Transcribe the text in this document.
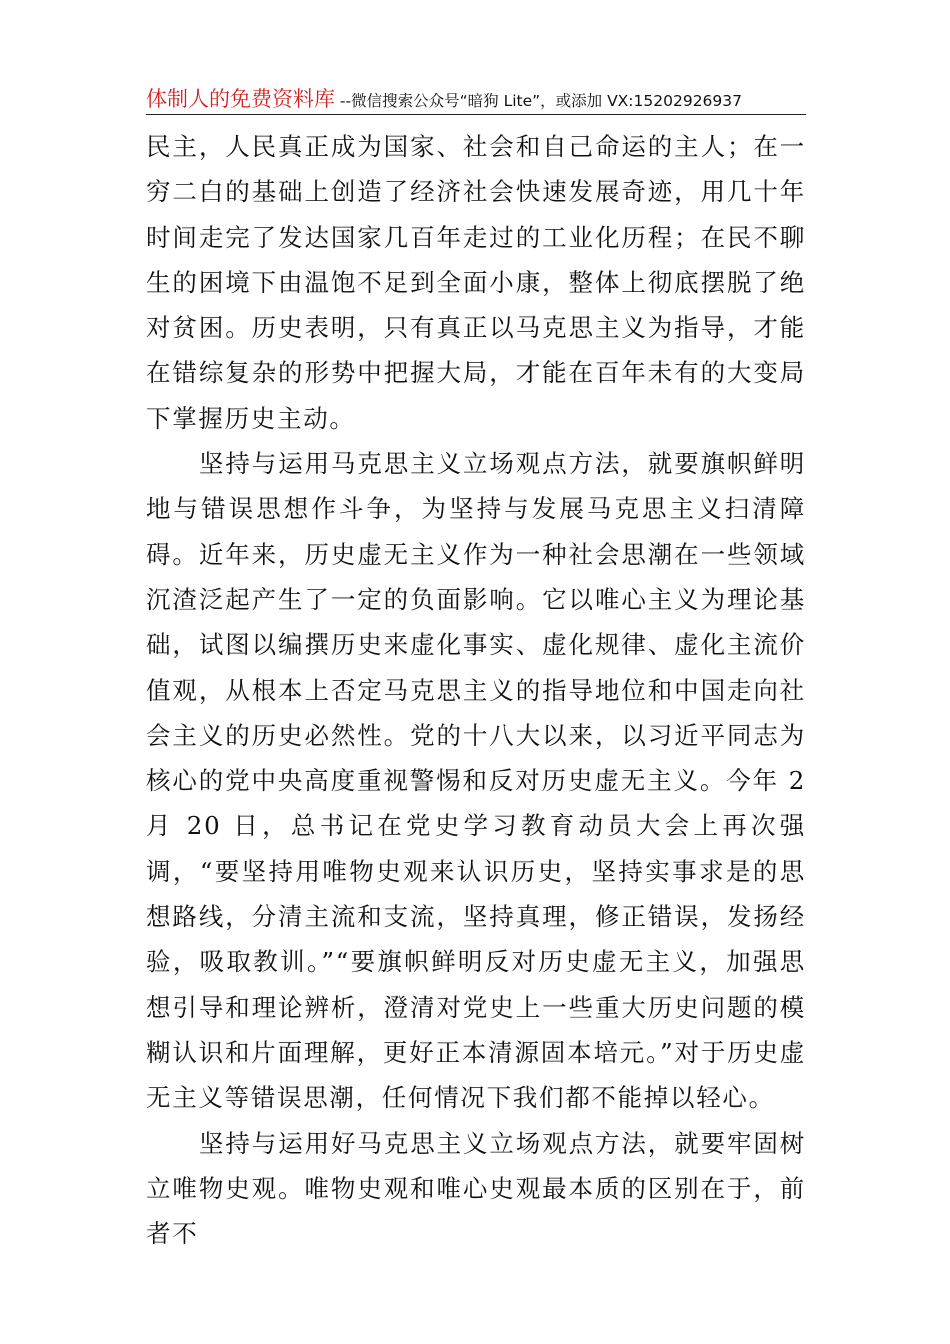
体制人的免费资料库 --微信搜索公众号“暗狗 Lite”，或添加 VX:15202926937

民主，人民真正成为国家、社会和自己命运的主人；在一穷二白的基础上创造了经济社会快速发展奇迹，用几十年时间走完了发达国家几百年走过的工业化历程；在民不聊生的困境下由温饱不足到全面小康，整体上彻底摆脱了绝对贫困。历史表明，只有真正以马克思主义为指导，才能在错综复杂的形势中把握大局，才能在百年未有的大变局下掌握历史主动。

坚持与运用马克思主义立场观点方法，就要旗帜鲜明地与错误思想作斗争，为坚持与发展马克思主义扫清障碍。近年来，历史虚无主义作为一种社会思潮在一些领域沉渣泛起产生了一定的负面影响。它以唯心主义为理论基础，试图以编撰历史来虚化事实、虚化规律、虚化主流价值观，从根本上否定马克思主义的指导地位和中国走向社会主义的历史必然性。党的十八大以来，以习近平同志为核心的党中央高度重视警惕和反对历史虚无主义。今年 2 月 20 日，总书记在党史学习教育动员大会上再次强调，“要坚持用唯物史观来认识历史，坚持实事求是的思想路线，分清主流和支流，坚持真理，修正错误，发扬经验，吸取教训。”“要旗帜鲜明反对历史虚无主义，加强思想引导和理论辨析，澄清对党史上一些重大历史问题的模糊认识和片面理解，更好正本清源固本培元。”对于历史虚无主义等错误思潮，任何情况下我们都不能掉以轻心。

坚持与运用好马克思主义立场观点方法，就要牢固树立唯物史观。唯物史观和唯心史观最本质的区别在于，前者不
